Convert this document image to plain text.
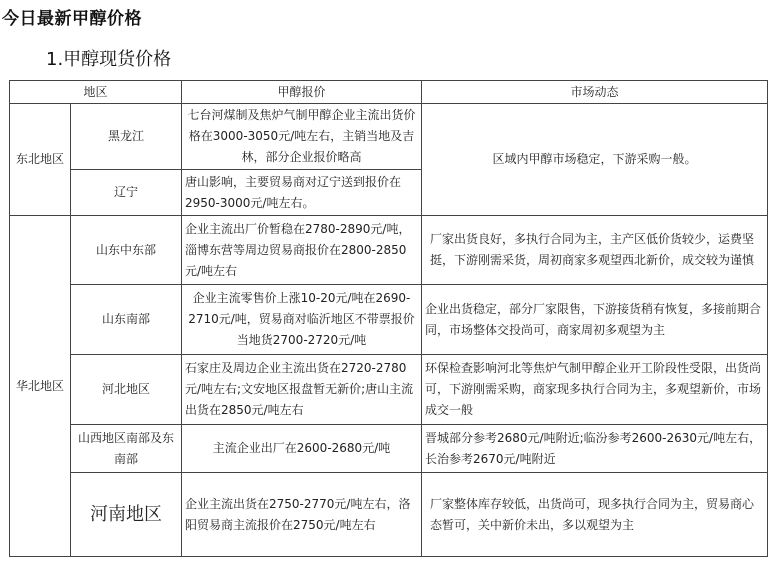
今日最新甲醇价格
1.甲醇现货价格
地区		甲醇报价	市场动态
东北地区	黑龙江	七台河煤制及焦炉气制甲醇企业主流出货价格在3000-3050元/吨左右，主销当地及吉林，部分企业报价略高	区域内甲醇市场稳定，下游采购一般。
	辽宁	唐山影响，主要贸易商对辽宁送到报价在2950-3000元/吨左右。	
华北地区	山东中东部	企业主流出厂价暂稳在2780-2890元/吨，淄博东营等周边贸易商报价在2800-2850元/吨左右	厂家出货良好，多执行合同为主，主产区低价货较少，运费坚挺，下游刚需采货，周初商家多观望西北新价，成交较为谨慎
	山东南部	企业主流零售价上涨10-20元/吨在2690-2710元/吨，贸易商对临沂地区不带票报价当地货2700-2720元/吨	企业出货稳定，部分厂家限售，下游接货稍有恢复，多接前期合同，市场整体交投尚可，商家周初多观望为主
	河北地区	石家庄及周边企业主流出货在2720-2780元/吨左右;文安地区报盘暂无新价;唐山主流出货在2850元/吨左右	环保检查影响河北等焦炉气制甲醇企业开工阶段性受限，出货尚可，下游刚需采购，商家现多执行合同为主，多观望新价，市场成交一般
	山西地区南部及东南部	主流企业出厂在2600-2680元/吨	晋城部分参考2680元/吨附近;临汾参考2600-2630元/吨左右，长治参考2670元/吨附近
	河南地区	企业主流出货在2750-2770元/吨左右，洛阳贸易商主流报价在2750元/吨左右	厂家整体库存较低，出货尚可，现多执行合同为主，贸易商心态暂可，关中新价未出，多以观望为主
